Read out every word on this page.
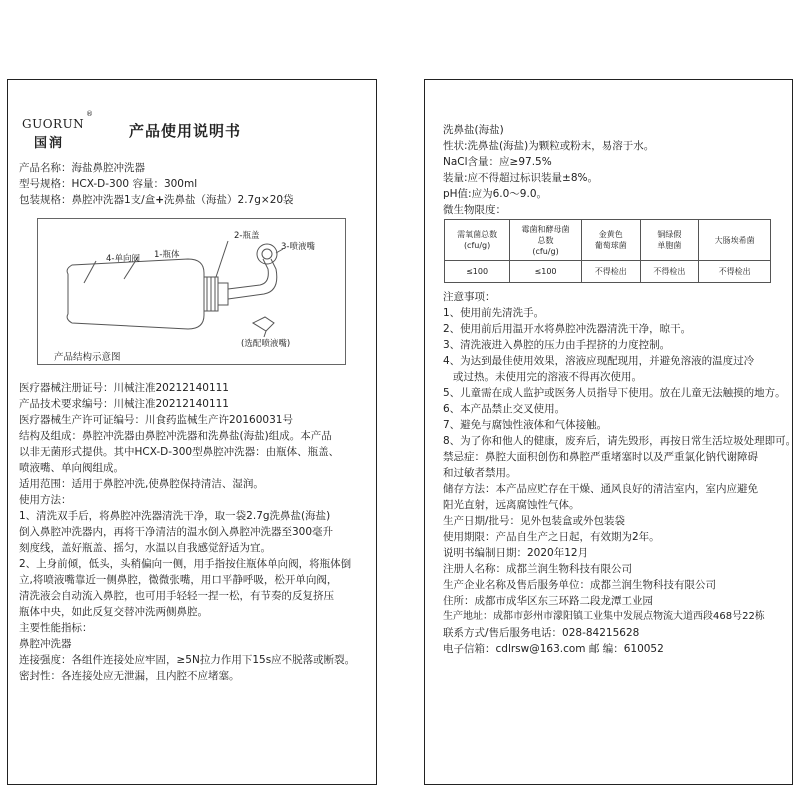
GUORUN
®
国润
产品使用说明书
产品名称：海盐鼻腔冲洗器
型号规格：HCX-D-300 容量：300ml
包装规格：鼻腔冲洗器1支/盒+洗鼻盐（海盐）2.7g×20袋
4-单向阀 1-瓶体
2-瓶盖
3-喷液嘴
(选配喷液嘴)
产品结构示意图
医疗器械注册证号：川械注准20212140111
产品技术要求编号：川械注准20212140111
医疗器械生产许可证编号：川食药监械生产许20160031号
结构及组成：鼻腔冲洗器由鼻腔冲洗器和洗鼻盐(海盐)组成。本产品
以非无菌形式提供。其中HCX-D-300型鼻腔冲洗器：由瓶体、瓶盖、
喷液嘴、单向阀组成。
适用范围：适用于鼻腔冲洗,使鼻腔保持清洁、湿润。
使用方法：
1、清洗双手后，将鼻腔冲洗器清洗干净，取一袋2.7g洗鼻盐(海盐)
倒入鼻腔冲洗器内，再将干净清洁的温水倒入鼻腔冲洗器至300毫升
刻度线，盖好瓶盖、摇匀，水温以自我感觉舒适为宜。
2、上身前倾，低头，头稍偏向一侧，用手指按住瓶体单向阀，将瓶体倒
立,将喷液嘴靠近一侧鼻腔，微微张嘴，用口平静呼吸，松开单向阀，
清洗液会自动流入鼻腔，也可用手轻轻一捏一松，有节奏的反复挤压
瓶体中央，如此反复交替冲洗两侧鼻腔。
主要性能指标：
鼻腔冲洗器
连接强度：各组件连接处应牢固，≥5N拉力作用下15s应不脱落或断裂。
密封性：各连接处应无泄漏，且内腔不应堵塞。
洗鼻盐(海盐)
性状:洗鼻盐(海盐)为颗粒或粉末，易溶于水。
NaCl含量：应≥97.5%
装量:应不得超过标识装量±8%。
pH值:应为6.0～9.0。
微生物限度：
需氧菌总数
(cfu/g)	霉菌和酵母菌
总数
(cfu/g)	金黄色
葡萄球菌	铜绿假
单胞菌	大肠埃希菌
≤100	≤100	不得检出	不得检出	不得检出
注意事项：
1、使用前先清洗手。
2、使用前后用温开水将鼻腔冲洗器清洗干净，晾干。
3、清洗液进入鼻腔的压力由手捏挤的力度控制。
4、为达到最佳使用效果，溶液应现配现用，并避免溶液的温度过冷
或过热。未使用完的溶液不得再次使用。
5、儿童需在成人监护或医务人员指导下使用。放在儿童无法触摸的地方。
6、本产品禁止交叉使用。
7、避免与腐蚀性液体和气体接触。
8、为了你和他人的健康，废弃后，请先毁形，再按日常生活垃圾处理即可。
禁忌症：鼻腔大面积创伤和鼻腔严重堵塞时以及严重氯化钠代谢障碍
和过敏者禁用。
储存方法：本产品应贮存在干燥、通风良好的清洁室内，室内应避免
阳光直射，远离腐蚀性气体。
生产日期/批号：见外包装盒或外包装袋
使用期限：产品自生产之日起，有效期为2年。
说明书编制日期：2020年12月
注册人名称：成都兰润生物科技有限公司
生产企业名称及售后服务单位：成都兰润生物科技有限公司
住所：成都市成华区东三环路二段龙潭工业园
生产地址：成都市彭州市濛阳镇工业集中发展点物流大道西段468号22栋
联系方式/售后服务电话：028-84215628
电子信箱：cdlrsw@163.com 邮 编：610052
